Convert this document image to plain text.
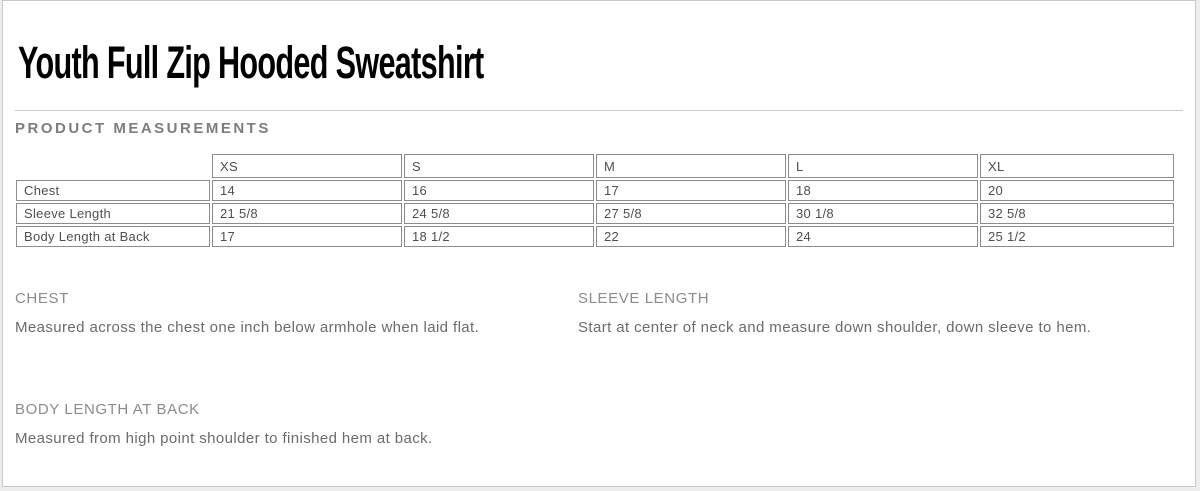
Youth Full Zip Hooded Sweatshirt
PRODUCT MEASUREMENTS
	XS	S	M	L	XL
Chest	14	16	17	18	20
Sleeve Length	21 5/8	24 5/8	27 5/8	30 1/8	32 5/8
Body Length at Back	17	18 1/2	22	24	25 1/2
CHEST
Measured across the chest one inch below armhole when laid flat.
SLEEVE LENGTH
Start at center of neck and measure down shoulder, down sleeve to hem.
BODY LENGTH AT BACK
Measured from high point shoulder to finished hem at back.
